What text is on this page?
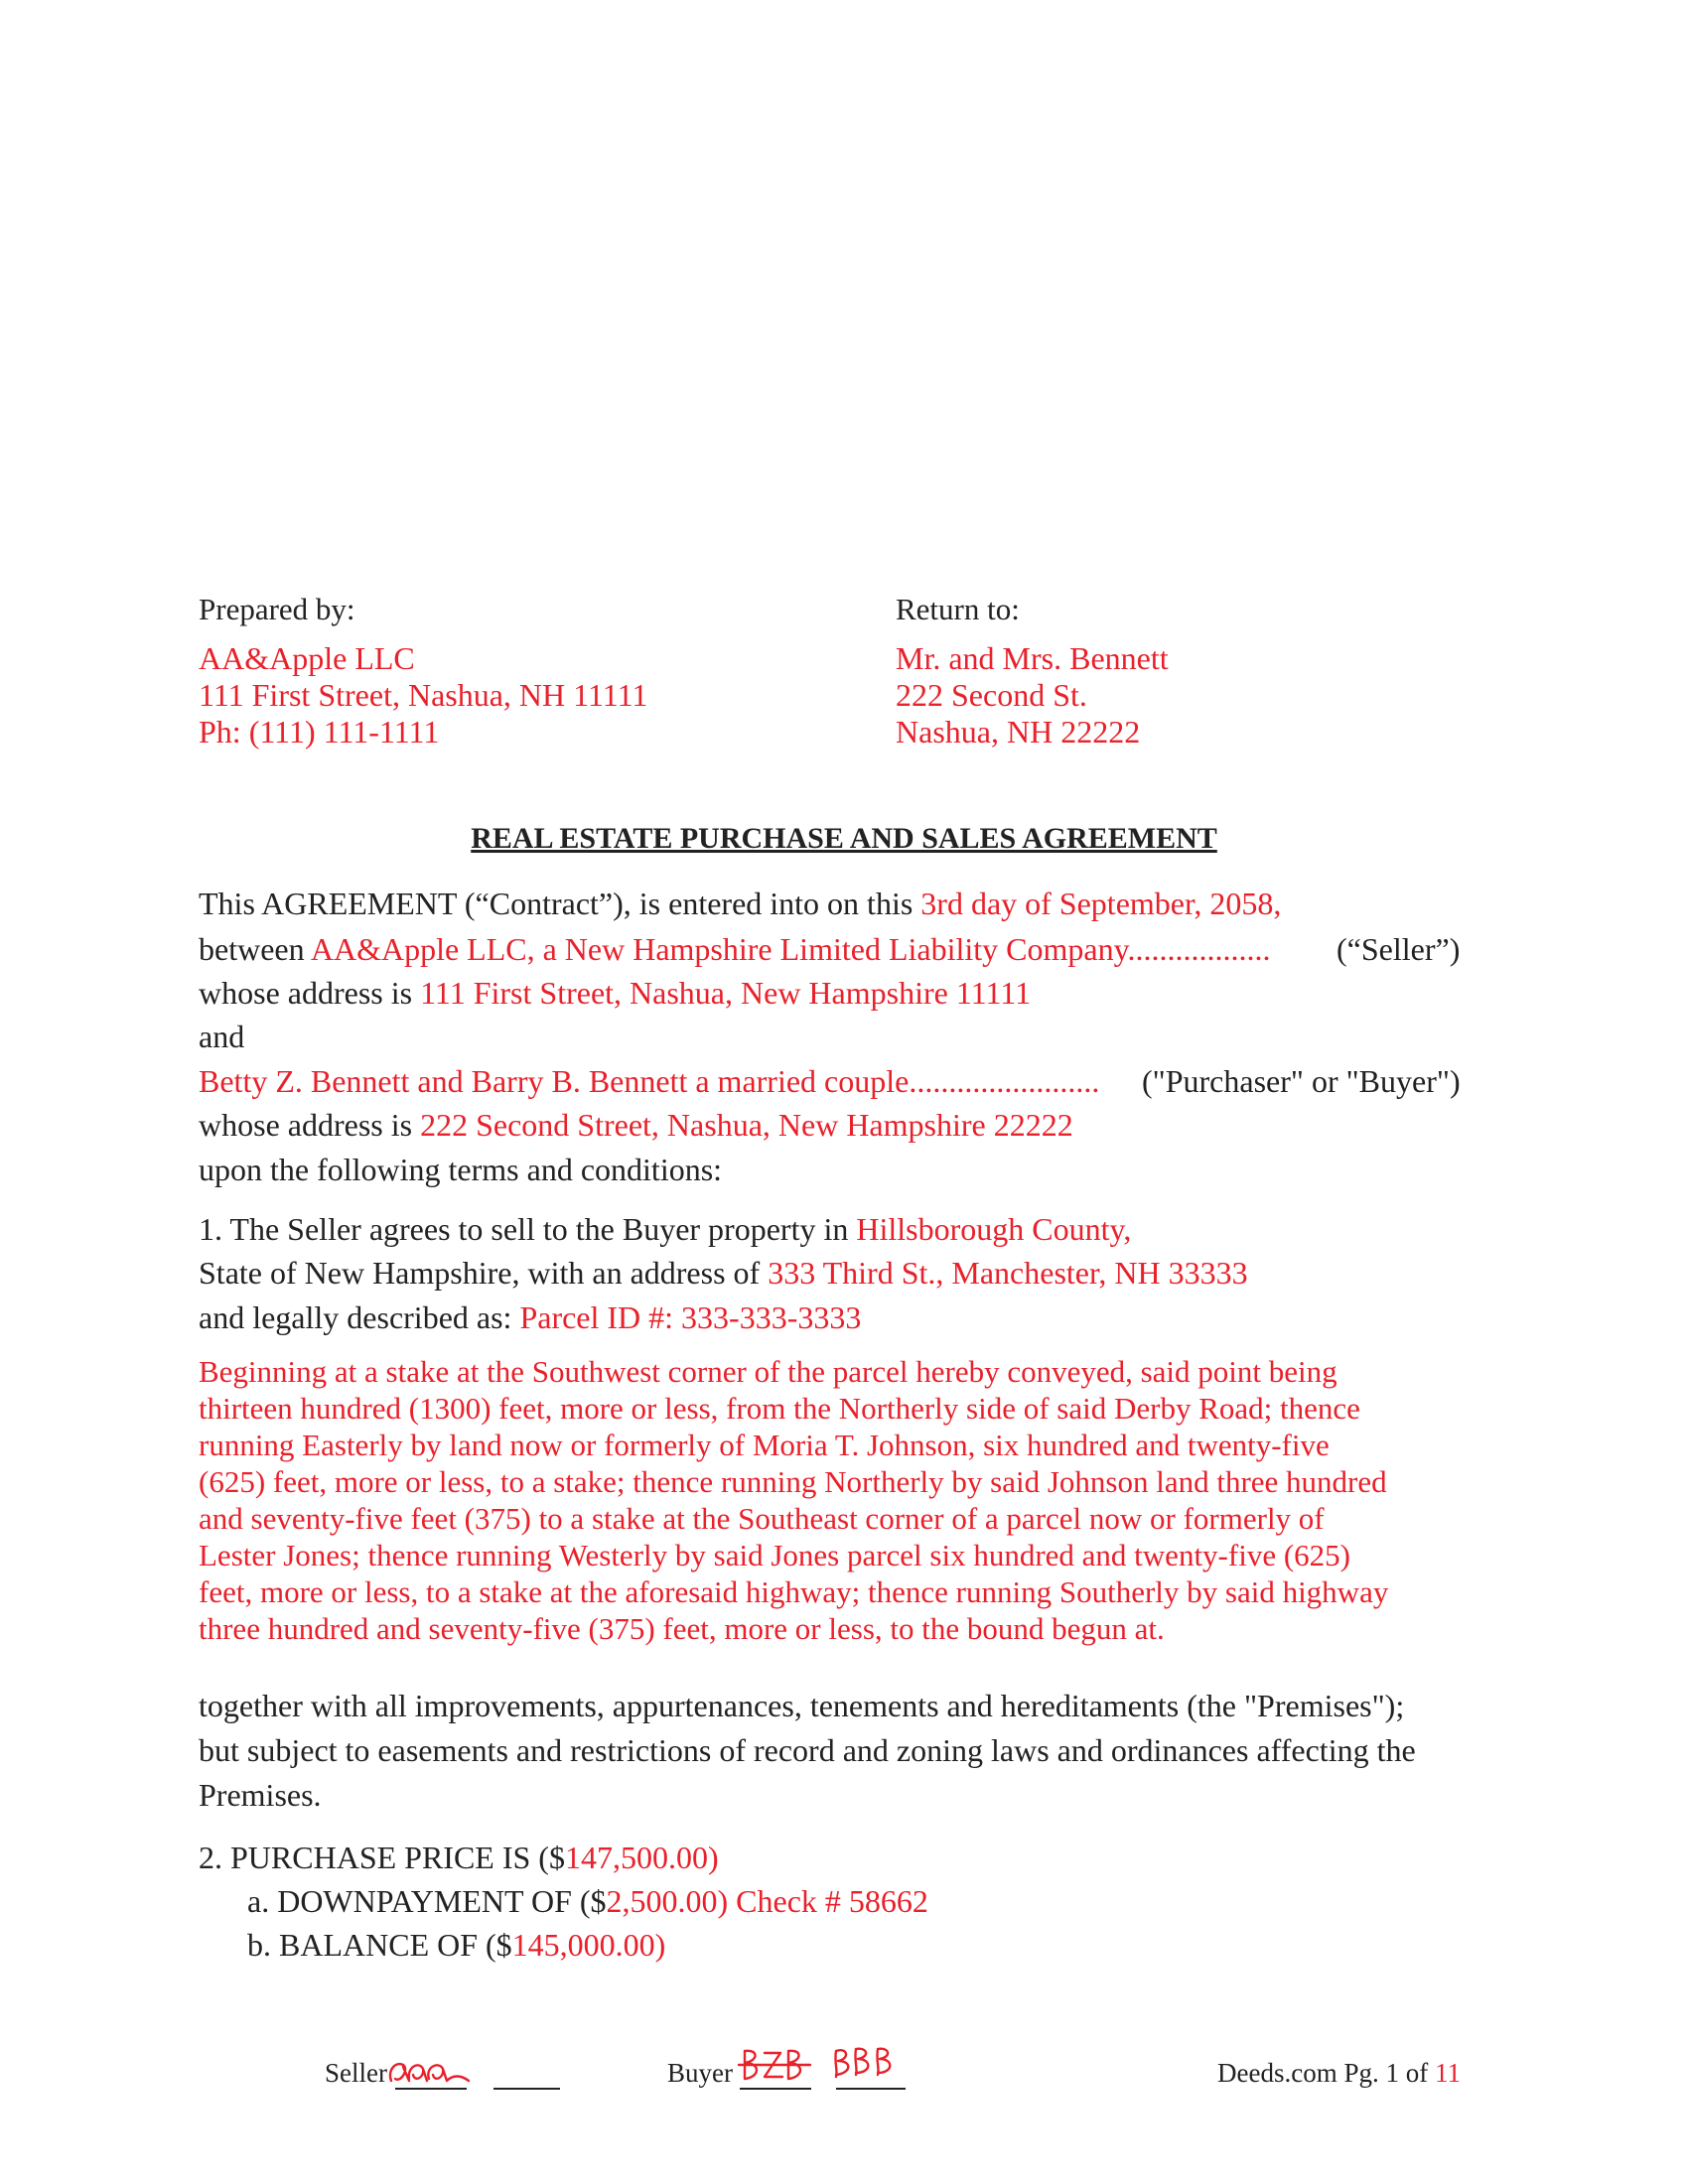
Prepared by:
AA&Apple LLC
111 First Street, Nashua, NH 11111
Ph: (111) 111-1111
Return to:
Mr. and Mrs. Bennett
222 Second St.
Nashua, NH 22222
REAL ESTATE PURCHASE AND SALES AGREEMENT
This AGREEMENT (“Contract”), is entered into on this 3rd day of September, 2058,
between AA&Apple LLC, a New Hampshire Limited Liability Company.................. (“Seller”)
whose address is 111 First Street, Nashua, New Hampshire 11111
and
Betty Z. Bennett and Barry B. Bennett a married couple........................ ("Purchaser" or "Buyer")
whose address is 222 Second Street, Nashua, New Hampshire 22222
upon the following terms and conditions:
1. The Seller agrees to sell to the Buyer property in Hillsborough County,
State of New Hampshire, with an address of 333 Third St., Manchester, NH 33333
and legally described as: Parcel ID #: 333-333-3333
Beginning at a stake at the Southwest corner of the parcel hereby conveyed, said point being
thirteen hundred (1300) feet, more or less, from the Northerly side of said Derby Road; thence
running Easterly by land now or formerly of Moria T. Johnson, six hundred and twenty-five
(625) feet, more or less, to a stake; thence running Northerly by said Johnson land three hundred
and seventy-five feet (375) to a stake at the Southeast corner of a parcel now or formerly of
Lester Jones; thence running Westerly by said Jones parcel six hundred and twenty-five (625)
feet, more or less, to a stake at the aforesaid highway; thence running Southerly by said highway
three hundred and seventy-five (375) feet, more or less, to the bound begun at.
together with all improvements, appurtenances, tenements and hereditaments (the "Premises");
but subject to easements and restrictions of record and zoning laws and ordinances affecting the
Premises.
2. PURCHASE PRICE IS ($147,500.00)
a. DOWNPAYMENT OF ($2,500.00) Check # 58662
b. BALANCE OF ($145,000.00)
Seller	Buyer	Deeds.com Pg. 1 of 11
